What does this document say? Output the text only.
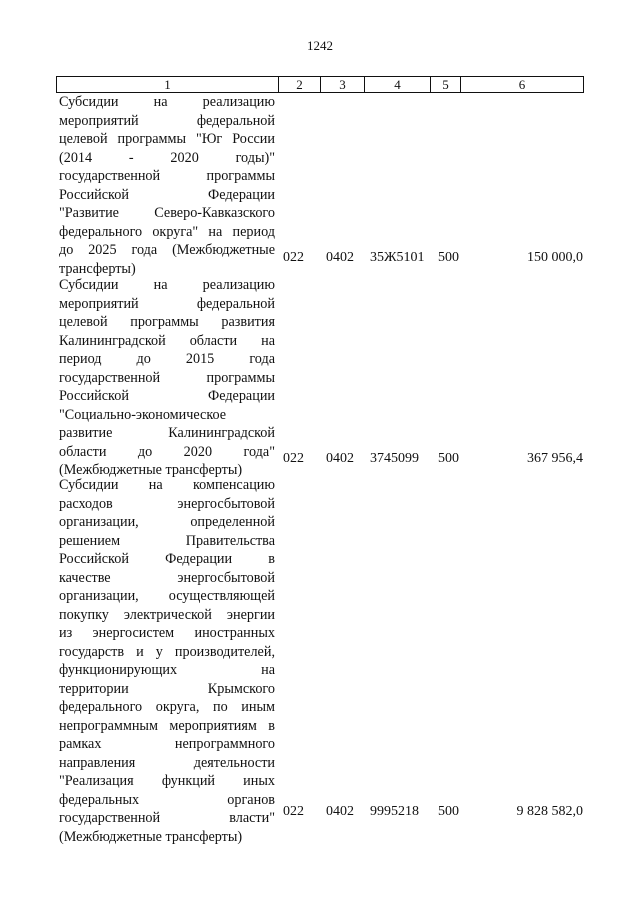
1242
1	2	3	4	5	6
Субсидии на реализацию
мероприятий федеральной
целевой программы "Юг России
(2014 - 2020 годы)"
государственной программы
Российской Федерации
"Развитие Северо-Кавказского
федерального округа" на период
до 2025 года (Межбюджетные
трансферты)
022 0402 35Ж5101 500	150 000,0
Субсидии на реализацию
мероприятий федеральной
целевой программы развития
Калининградской области на
период до 2015 года
государственной программы
Российской Федерации
"Социально-экономическое
развитие Калининградской
области до 2020 года"
(Межбюджетные трансферты)
022 0402 3745099 500	367 956,4
Субсидии на компенсацию
расходов энергосбытовой
организации, определенной
решением Правительства
Российской Федерации в
качестве энергосбытовой
организации, осуществляющей
покупку электрической энергии
из энергосистем иностранных
государств и у производителей,
функционирующих на
территории Крымского
федерального округа, по иным
непрограммным мероприятиям в
рамках непрограммного
направления деятельности
"Реализация функций иных
федеральных органов
государственной власти"
(Межбюджетные трансферты)
022 0402 9995218 500	9 828 582,0
